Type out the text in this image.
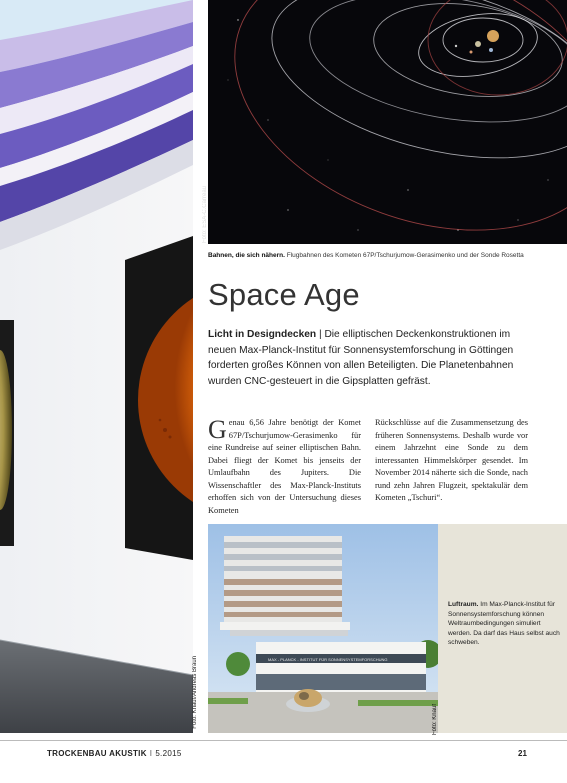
Foto: Knauf/Andreas Braun
Foto: ESA-C.Carreau
Bahnen, die sich nähern. Flugbahnen des Kometen 67P/Tschurjumow-Gerasimenko und der Sonde Rosetta
Space Age
Licht in Designdecken | Die elliptischen Deckenkonstruktionen im neuen Max-Planck-Institut für Sonnensystemforschung in Göttingen forderten großes Können von allen Beteiligten. Die Planetenbahnen wurden CNC-gesteuert in die Gipsplatten gefräst.
Genau 6,56 Jahre benötigt der Komet 67P/Tschurjumow-Gerasimenko für eine Rundreise auf seiner elliptischen Bahn. Dabei fliegt der Komet bis jenseits der Umlaufbahn des Jupiters. Die Wissenschaftler des Max-Planck-Instituts erhoffen sich von der Untersuchung dieses Kometen
Rückschlüsse auf die Zusammensetzung des früheren Sonnensystems. Deshalb wurde vor einem Jahrzehnt eine Sonde zu dem interessanten Himmelskörper gesendet. Im November 2014 näherte sich die Sonde, nach rund zehn Jahren Flugzeit, spektakulär dem Kometen „Tschuri“.
MAX - PLANCK - INSTITUT FÜR SONNENSYSTEMFORSCHUNG
Foto: Knauf
Luftraum. Im Max-Planck-Institut für Sonnensystemforschung können Weltraumbedingungen simuliert werden. Da darf das Haus selbst auch schweben.
TROCKENBAU AKUSTIK I 5.2015	21
